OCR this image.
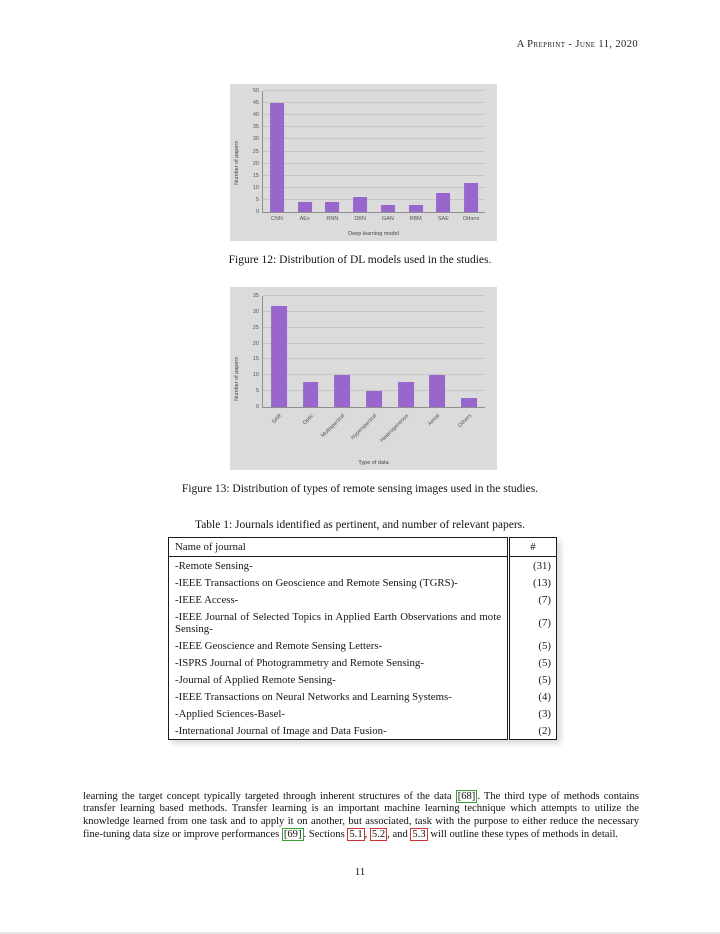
A Preprint - June 11, 2020
Number of papers
CNN	AEs	RNN	DBN	GAN	RBM	SAE	Others
0
5
10
15
20
25
30
35
40
45
50
Deep learning model
Figure 12: Distribution of DL models used in the studies.
Number of papers
SAR	Optic Multispectral Hyperspectral Heterogeneous	Aerial	Others
0
5
10
15
20
25
30
35
Type of data
Figure 13: Distribution of types of remote sensing images used in the studies.
Table 1: Journals identified as pertinent, and number of relevant papers.
Name of journal	#
-Remote Sensing-	(31)
-IEEE Transactions on Geoscience and Remote Sensing (TGRS)-	(13)
-IEEE Access-	(7)
-IEEE Journal of Selected Topics in Applied Earth Observations and mote Sensing-	(7)
-IEEE Geoscience and Remote Sensing Letters-	(5)
-ISPRS Journal of Photogrammetry and Remote Sensing-	(5)
-Journal of Applied Remote Sensing-	(5)
-IEEE Transactions on Neural Networks and Learning Systems-	(4)
-Applied Sciences-Basel-	(3)
-International Journal of Image and Data Fusion-	(2)

learning the target concept typically targeted through inherent structures of the data [68] . The third type of methods contains transfer learning based methods. Transfer learning is an important machine learning technique which attempts to utilize the knowledge learned from one task and to apply it on another, but associated, task with the purpose to either reduce the necessary fine-tuning data size or improve performances [69] . Sections 5.1 , 5.2 , and 5.3 will outline these types of methods in detail.

11
